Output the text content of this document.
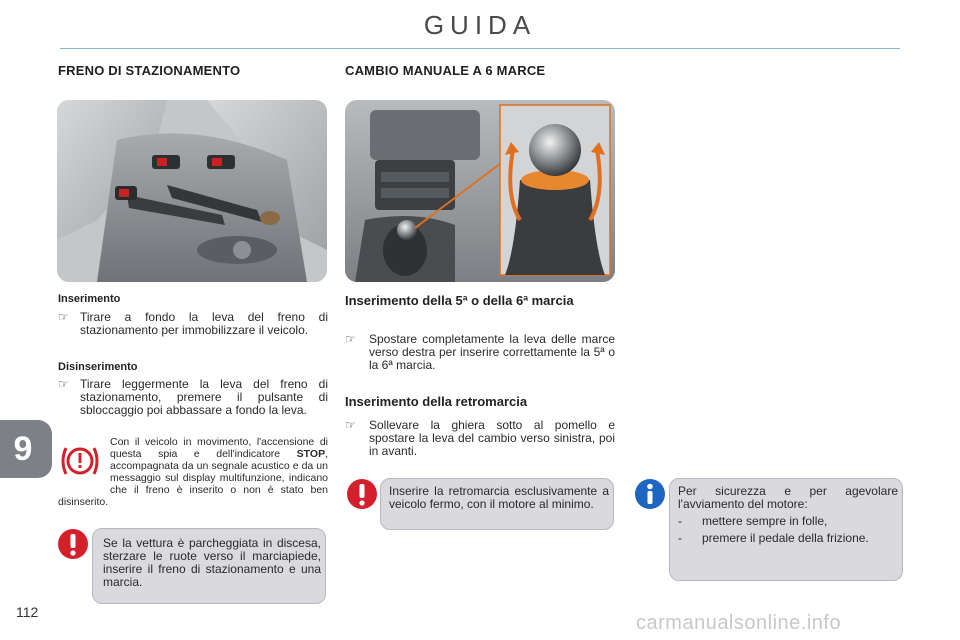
GUIDA
9
FRENO DI STAZIONAMENTO
Inserimento
☞ Tirare a fondo la leva del freno di stazionamento per immobilizzare il veicolo.
Disinserimento
☞ Tirare leggermente la leva del freno di stazionamento, premere il pulsante di sbloccaggio poi abbassare a fondo la leva.
Con il veicolo in movimento, l'accensione di questa spia e dell'indicatore STOP, accompagnata da un segnale acustico e da un messaggio sul display multifunzione, indicano che il freno è inserito o non è stato ben disinserito.
Se la vettura è parcheggiata in discesa, sterzare le ruote verso il marciapiede, inserire il freno di stazionamento e una marcia.
CAMBIO MANUALE A 6 MARCE
Inserimento della 5ª o della 6ª marcia
☞ Spostare completamente la leva delle marce verso destra per inserire correttamente la 5ª o la 6ª marcia.
Inserimento della retromarcia
☞ Sollevare la ghiera sotto al pomello e spostare la leva del cambio verso sinistra, poi in avanti.
Inserire la retromarcia esclusivamente a veicolo fermo, con il motore al minimo.
Per sicurezza e per agevolare l'avviamento del motore:
- mettere sempre in folle,
- premere il pedale della frizione.
112	carmanualsonline.info
